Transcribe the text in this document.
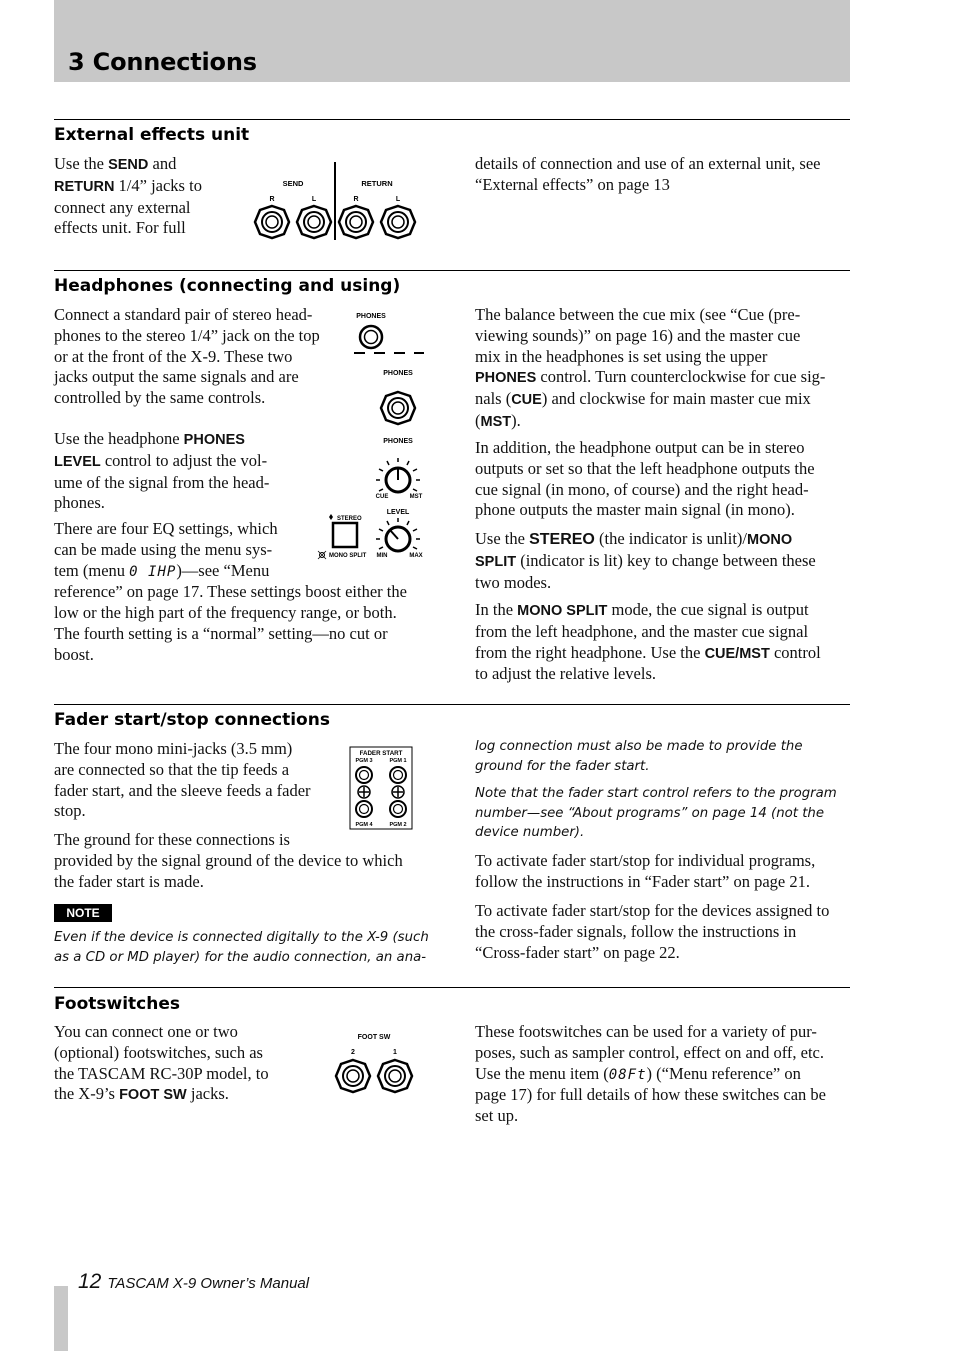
3 Connections
External effects unit
Use the SEND and
RETURN 1/4” jacks to
connect any external
effects unit. For full
SEND	RETURN
R	L	R	L
details of connection and use of an external unit, see
“External effects” on page 13
Headphones (connecting and using)
Connect a standard pair of stereo head-
phones to the stereo 1/4” jack on the top
or at the front of the X-9. These two
jacks output the same signals and are
controlled by the same controls.
Use the headphone PHONES
LEVEL control to adjust the vol-
ume of the signal from the head-
phones.
There are four EQ settings, which
can be made using the menu sys-
tem (menu 0 IHP)—see “Menu
reference” on page 17. These settings boost either the
low or the high part of the frequency range, or both.
The fourth setting is a “normal” setting—no cut or
boost.
PHONES
PHONES
PHONES
CUE	MST
LEVEL
MIN	MAX
STEREO
MONO SPLIT
The balance between the cue mix (see “Cue (pre-
viewing sounds)” on page 16) and the master cue
mix in the headphones is set using the upper
PHONES control. Turn counterclockwise for cue sig-
nals (CUE) and clockwise for main master cue mix
(MST).
In addition, the headphone output can be in stereo
outputs or set so that the left headphone outputs the
cue signal (in mono, of course) and the right head-
phone outputs the master main signal (in mono).
Use the STEREO (the indicator is unlit)/MONO
SPLIT (indicator is lit) key to change between these
two modes.
In the MONO SPLIT mode, the cue signal is output
from the left headphone, and the master cue signal
from the right headphone. Use the CUE/MST control
to adjust the relative levels.
Fader start/stop connections
The four mono mini-jacks (3.5 mm)
are connected so that the tip feeds a
fader start, and the sleeve feeds a fader
stop.
The ground for these connections is
provided by the signal ground of the device to which
the fader start is made.
NOTE
Even if the device is connected digitally to the X-9 (such
as a CD or MD player) for the audio connection, an ana-
FADER START
PGM 3	PGM 1
PGM 4	PGM 2
log connection must also be made to provide the
ground for the fader start.
Note that the fader start control refers to the program
number—see “About programs” on page 14 (not the
device number).
To activate fader start/stop for individual programs,
follow the instructions in “Fader start” on page 21.
To activate fader start/stop for the devices assigned to
the cross-fader signals, follow the instructions in
“Cross-fader start” on page 22.
Footswitches
You can connect one or two
(optional) footswitches, such as
the TASCAM RC-30P model, to
the X-9’s FOOT SW jacks.
FOOT SW
2	1
These footswitches can be used for a variety of pur-
poses, such as sampler control, effect on and off, etc.
Use the menu item (08Ft) (“Menu reference” on
page 17) for full details of how these switches can be
set up.
12 TASCAM X-9 Owner’s Manual
